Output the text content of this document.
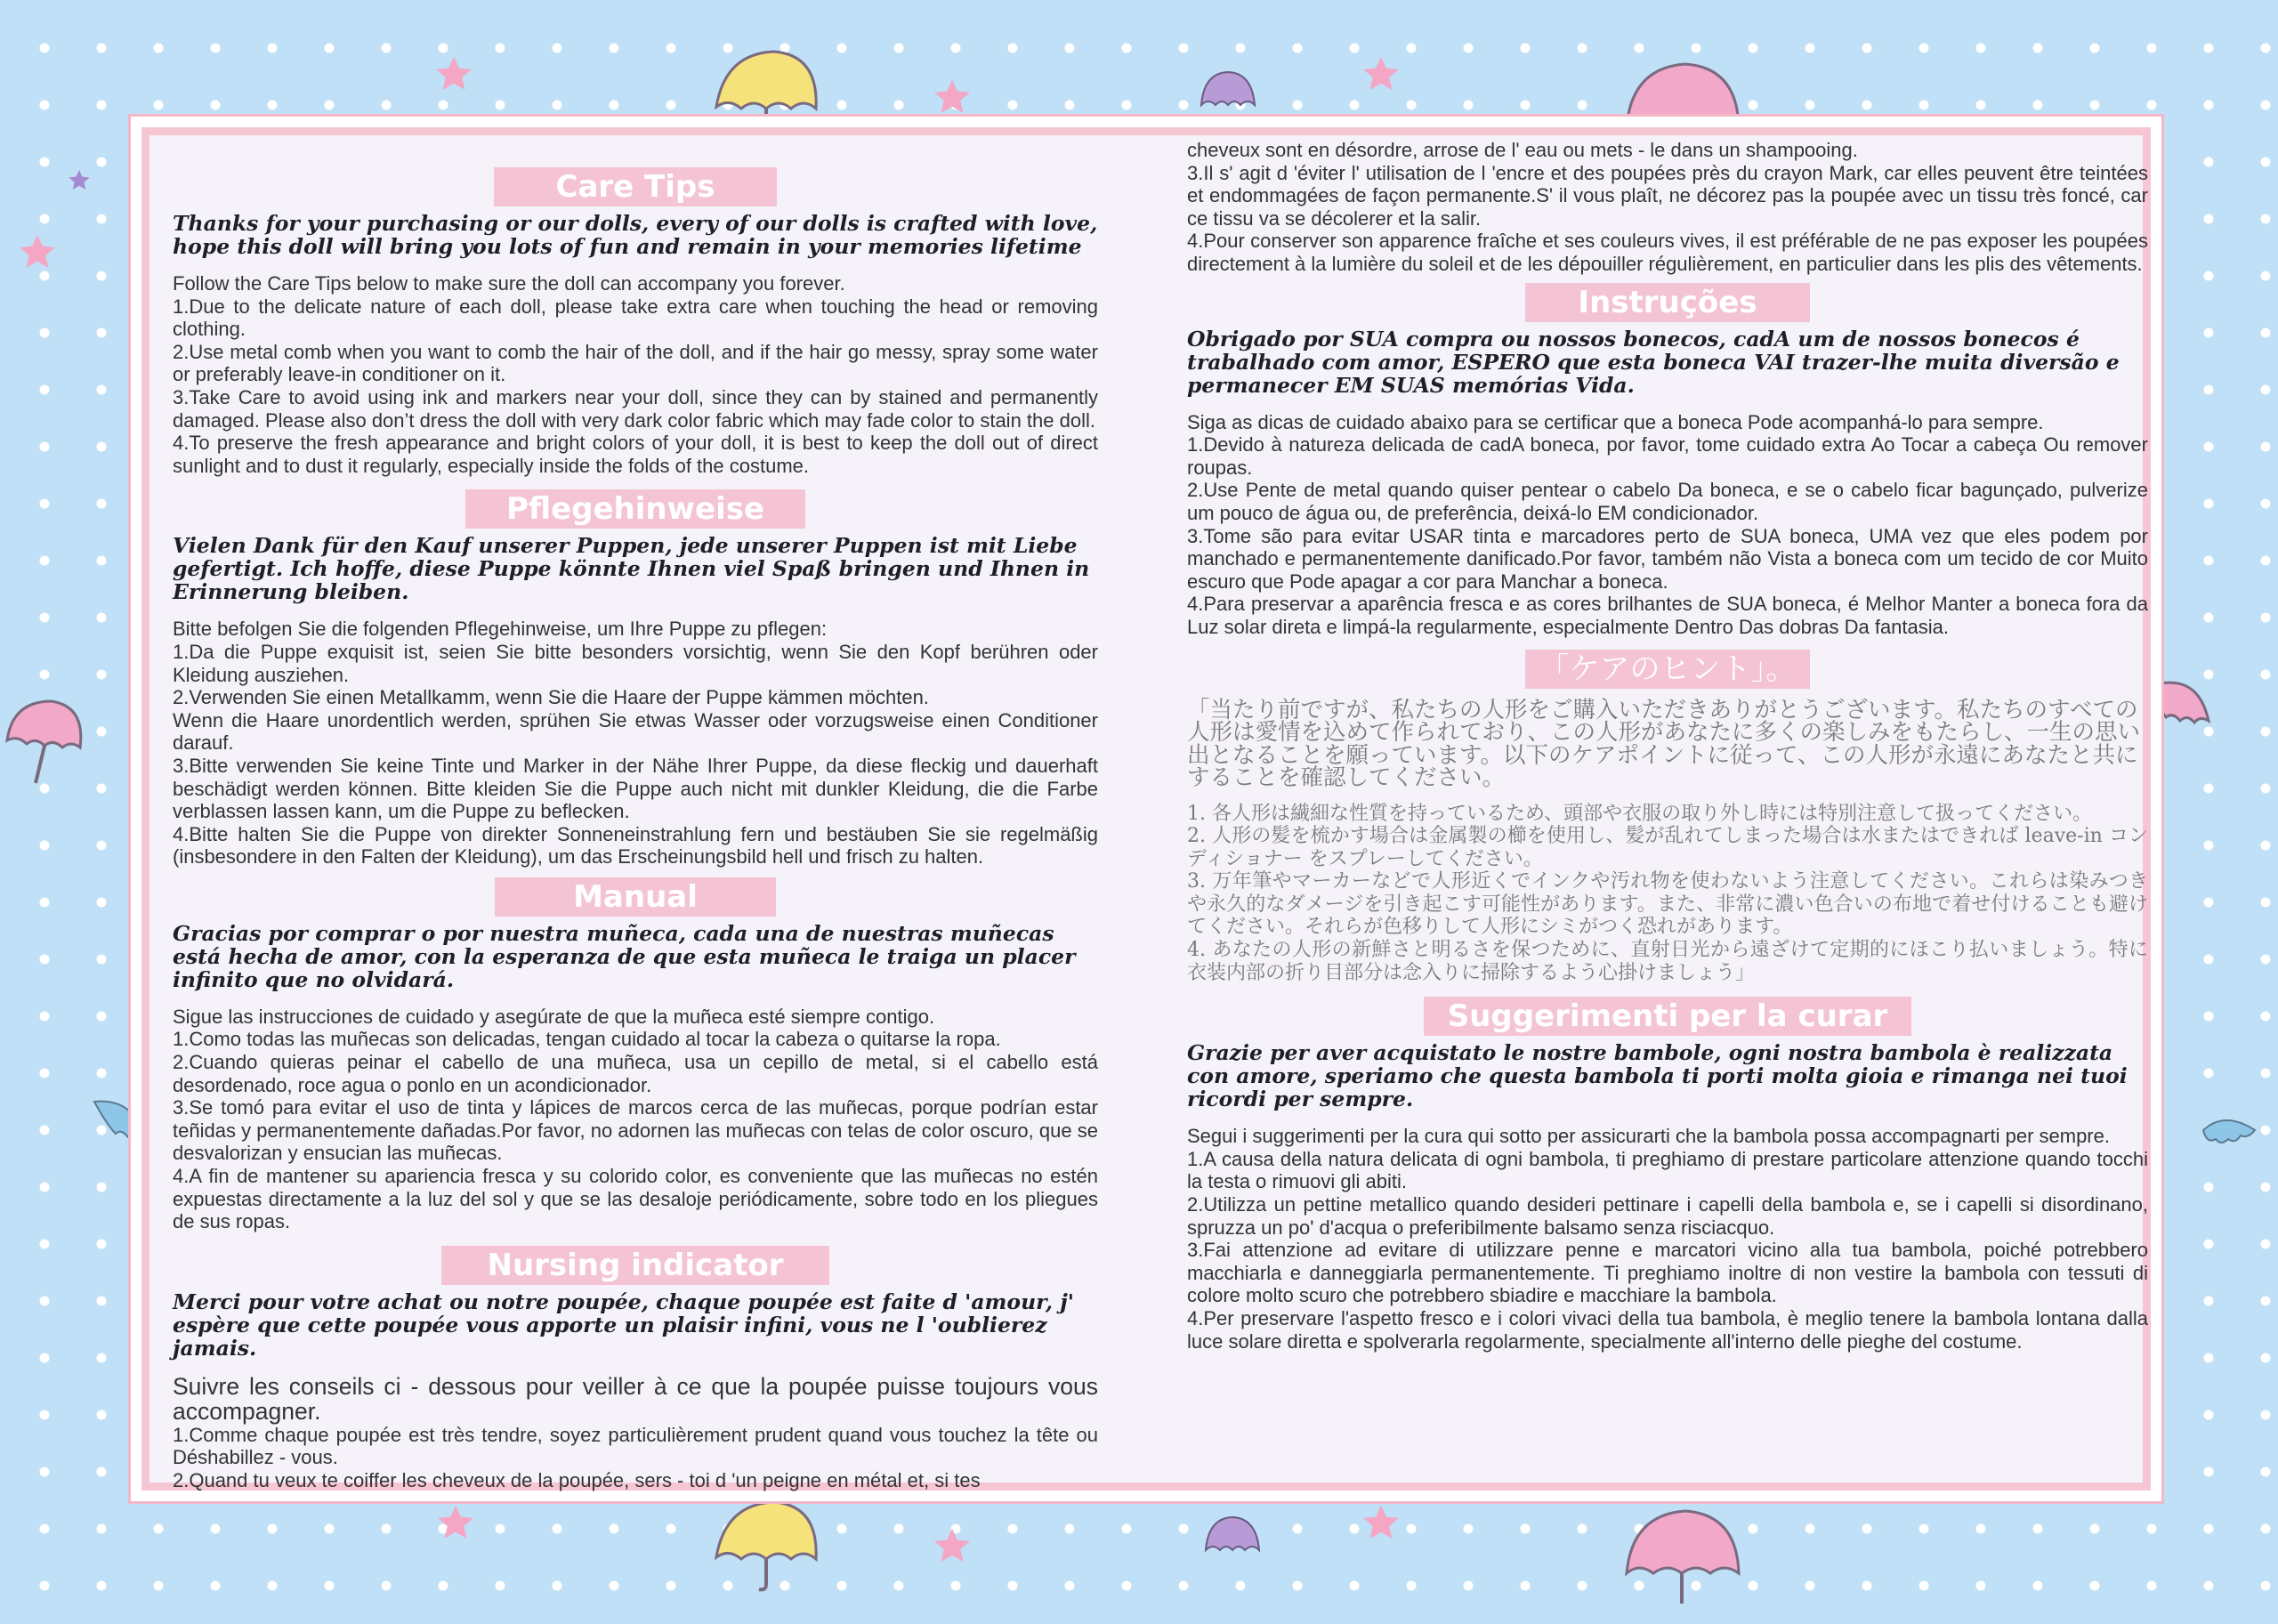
Care Tips

Thanks for your purchasing or our dolls, every of our dolls is crafted with love, hope this doll will bring you lots of fun and remain in your memories lifetime

Follow the Care Tips below to make sure the doll can accompany you forever.
1.Due to the delicate nature of each doll, please take extra care when touching the head or removing clothing.
2.Use metal comb when you want to comb the hair of the doll, and if the hair go messy, spray some water or preferably leave-in conditioner on it.
3.Take Care to avoid using ink and markers near your doll, since they can by stained and permanently damaged. Please also don’t dress the doll with very dark color fabric which may fade color to stain the doll.
4.To preserve the fresh appearance and bright colors of your doll, it is best to keep the doll out of direct sunlight and to dust it regularly, especially inside the folds of the costume.

Pflegehinweise

Vielen Dank für den Kauf unserer Puppen, jede unserer Puppen ist mit Liebe gefertigt. Ich hoffe, diese Puppe könnte Ihnen viel Spaß bringen und Ihnen in Erinnerung bleiben.

Bitte befolgen Sie die folgenden Pflegehinweise, um Ihre Puppe zu pflegen:
1.Da die Puppe exquisit ist, seien Sie bitte besonders vorsichtig, wenn Sie den Kopf berühren oder Kleidung ausziehen.
2.Verwenden Sie einen Metallkamm, wenn Sie die Haare der Puppe kämmen möchten.
Wenn die Haare unordentlich werden, sprühen Sie etwas Wasser oder vorzugsweise einen Conditioner darauf.
3.Bitte verwenden Sie keine Tinte und Marker in der Nähe Ihrer Puppe, da diese fleckig und dauerhaft beschädigt werden können. Bitte kleiden Sie die Puppe auch nicht mit dunkler Kleidung, die die Farbe verblassen lassen kann, um die Puppe zu beflecken.
4.Bitte halten Sie die Puppe von direkter Sonneneinstrahlung fern und bestäuben Sie sie regelmäßig (insbesondere in den Falten der Kleidung), um das Erscheinungsbild hell und frisch zu halten.

Manual

Gracias por comprar o por nuestra muñeca, cada una de nuestras muñecas está hecha de amor, con la esperanza de que esta muñeca le traiga un placer infinito que no olvidará.

Sigue las instrucciones de cuidado y asegúrate de que la muñeca esté siempre contigo.
1.Como todas las muñecas son delicadas, tengan cuidado al tocar la cabeza o quitarse la ropa.
2.Cuando quieras peinar el cabello de una muñeca, usa un cepillo de metal, si el cabello está desordenado, roce agua o ponlo en un acondicionador.
3.Se tomó para evitar el uso de tinta y lápices de marcos cerca de las muñecas, porque podrían estar teñidas y permanentemente dañadas.Por favor, no adornen las muñecas con telas de color oscuro, que se desvalorizan y ensucian las muñecas.
4.A fin de mantener su apariencia fresca y su colorido color, es conveniente que las muñecas no estén expuestas directamente a la luz del sol y que se las desaloje periódicamente, sobre todo en los pliegues de sus ropas.

Nursing indicator

Merci pour votre achat ou notre poupée, chaque poupée est faite d 'amour, j' espère que cette poupée vous apporte un plaisir infini, vous ne l 'oublierez jamais.

Suivre les conseils ci - dessous pour veiller à ce que la poupée puisse toujours vous accompagner.

1.Comme chaque poupée est très tendre, soyez particulièrement prudent quand vous touchez la tête ou Déshabillez - vous.
2.Quand tu veux te coiffer les cheveux de la poupée, sers - toi d 'un peigne en métal et, si tes

cheveux sont en désordre, arrose de l' eau ou mets - le dans un shampooing.
3.Il s' agit d 'éviter l' utilisation de l 'encre et des poupées près du crayon Mark, car elles peuvent être teintées et endommagées de façon permanente.S' il vous plaît, ne décorez pas la poupée avec un tissu très foncé, car ce tissu va se décolerer et la salir.
4.Pour conserver son apparence fraîche et ses couleurs vives, il est préférable de ne pas exposer les poupées directement à la lumière du soleil et de les dépouiller régulièrement, en particulier dans les plis des vêtements.

Instruções

Obrigado por SUA compra ou nossos bonecos, cadA um de nossos bonecos é trabalhado com amor, ESPERO que esta boneca VAI trazer-lhe muita diversão e permanecer EM SUAS memórias Vida.

Siga as dicas de cuidado abaixo para se certificar que a boneca Pode acompanhá-lo para sempre.
1.Devido à natureza delicada de cadA boneca, por favor, tome cuidado extra Ao Tocar a cabeça Ou remover roupas.
2.Use Pente de metal quando quiser pentear o cabelo Da boneca, e se o cabelo ficar bagunçado, pulverize um pouco de água ou, de preferência, deixá-lo EM condicionador.
3.Tome são para evitar USAR tinta e marcadores perto de SUA boneca, UMA vez que eles podem por manchado e permanentemente danificado.Por favor, também não Vista a boneca com um tecido de cor Muito escuro que Pode apagar a cor para Manchar a boneca.
4.Para preservar a aparência fresca e as cores brilhantes de SUA boneca, é Melhor Manter a boneca fora da Luz solar direta e limpá-la regularmente, especialmente Dentro Das dobras Da fantasia.

「ケアのヒント」。

「当たり前ですが、私たちの人形をご購入いただきありがとうございます。私たちのすべての人形は愛情を込めて作られており、この人形があなたに多くの楽しみをもたらし、一生の思い出となることを願っています。以下のケアポイントに従って、この人形が永遠にあなたと共にすることを確認してください。

1. 各人形は繊細な性質を持っているため、頭部や衣服の取り外し時には特別注意して扱ってください。
2. 人形の髪を梳かす場合は金属製の櫛を使用し、髪が乱れてしまった場合は水またはできれば leave-in コンディショナー をスプレーしてください。
3. 万年筆やマーカーなどで人形近くでインクや汚れ物を使わないよう注意してください。これらは染みつきや永久的なダメージを引き起こす可能性があります。また、非常に濃い色合いの布地で着せ付けることも避けてください。それらが色移りして人形にシミがつく恐れがあります。
4. あなたの人形の新鮮さと明るさを保つために、直射日光から遠ざけて定期的にほこり払いましょう。特に衣装内部の折り目部分は念入りに掃除するよう心掛けましょう」

Suggerimenti per la curar

Grazie per aver acquistato le nostre bambole, ogni nostra bambola è realizzata con amore, speriamo che questa bambola ti porti molta gioia e rimanga nei tuoi ricordi per sempre.

Segui i suggerimenti per la cura qui sotto per assicurarti che la bambola possa accompagnarti per sempre.
1.A causa della natura delicata di ogni bambola, ti preghiamo di prestare particolare attenzione quando tocchi la testa o rimuovi gli abiti.
2.Utilizza un pettine metallico quando desideri pettinare i capelli della bambola e, se i capelli si disordinano, spruzza un po' d'acqua o preferibilmente balsamo senza risciacquo.
3.Fai attenzione ad evitare di utilizzare penne e marcatori vicino alla tua bambola, poiché potrebbero macchiarla e danneggiarla permanentemente. Ti preghiamo inoltre di non vestire la bambola con tessuti di colore molto scuro che potrebbero sbiadire e macchiare la bambola.
4.Per preservare l'aspetto fresco e i colori vivaci della tua bambola, è meglio tenere la bambola lontana dalla luce solare diretta e spolverarla regolarmente, specialmente all'interno delle pieghe del costume.
